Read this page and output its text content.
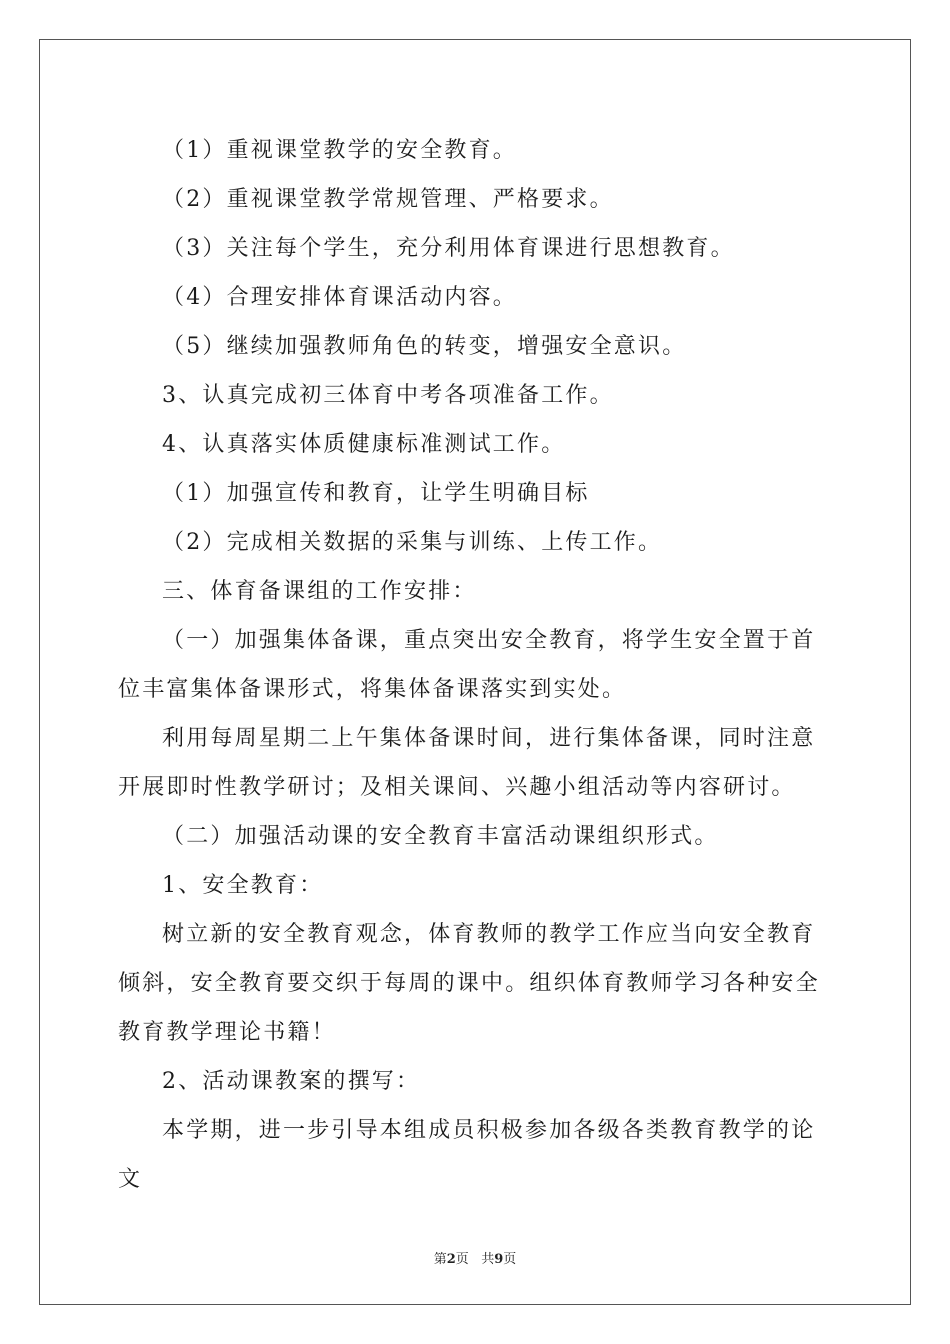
（1）重视课堂教学的安全教育。

（2）重视课堂教学常规管理、严格要求。

（3）关注每个学生，充分利用体育课进行思想教育。

（4）合理安排体育课活动内容。

（5）继续加强教师角色的转变，增强安全意识。

3、认真完成初三体育中考各项准备工作。

4、认真落实体质健康标准测试工作。

（1）加强宣传和教育，让学生明确目标

（2）完成相关数据的采集与训练、上传工作。

三、体育备课组的工作安排：

（一）加强集体备课，重点突出安全教育，将学生安全置于首位丰富集体备课形式，将集体备课落实到实处。

利用每周星期二上午集体备课时间，进行集体备课，同时注意开展即时性教学研讨；及相关课间、兴趣小组活动等内容研讨。

（二）加强活动课的安全教育丰富活动课组织形式。

1、安全教育：

树立新的安全教育观念，体育教师的教学工作应当向安全教育倾斜，安全教育要交织于每周的课中。组织体育教师学习各种安全教育教学理论书籍！

2、活动课教案的撰写：

本学期，进一步引导本组成员积极参加各级各类教育教学的论文

第2页 共9页
